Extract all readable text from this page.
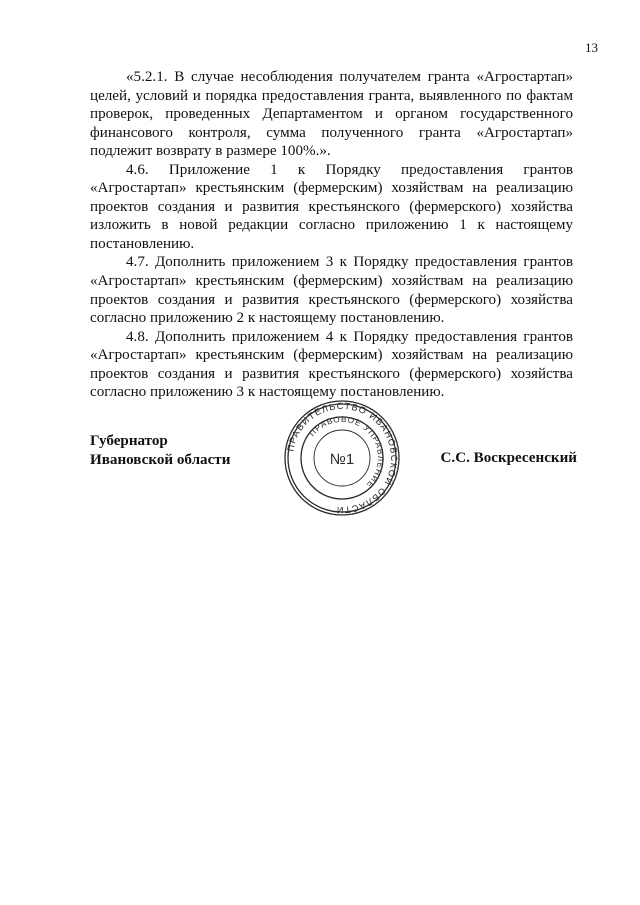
13

«5.2.1. В случае несоблюдения получателем гранта «Агростартап» целей, условий и порядка предоставления гранта, выявленного по фактам проверок, проведенных Департаментом и органом государственного финансового контроля, сумма полученного гранта «Агростартап» подлежит возврату в размере 100%.».

4.6. Приложение 1 к Порядку предоставления грантов «Агростартап» крестьянским (фермерским) хозяйствам на реализацию проектов создания и развития крестьянского (фермерского) хозяйства изложить в новой редакции согласно приложению 1 к настоящему постановлению.

4.7. Дополнить приложением 3 к Порядку предоставления грантов «Агростартап» крестьянским (фермерским) хозяйствам на реализацию проектов создания и развития крестьянского (фермерского) хозяйства согласно приложению 2 к настоящему постановлению.

4.8. Дополнить приложением 4 к Порядку предоставления грантов «Агростартап» крестьянским (фермерским) хозяйствам на реализацию проектов создания и развития крестьянского (фермерского) хозяйства согласно приложению 3 к настоящему постановлению.

Губернатор
Ивановской области
ПРАВИТЕЛЬСТВО ИВАНОВСКОЙ ОБЛАСТИ
ПРАВОВОЕ УПРАВЛЕНИЕ
№1	С.С. Воскресенский
